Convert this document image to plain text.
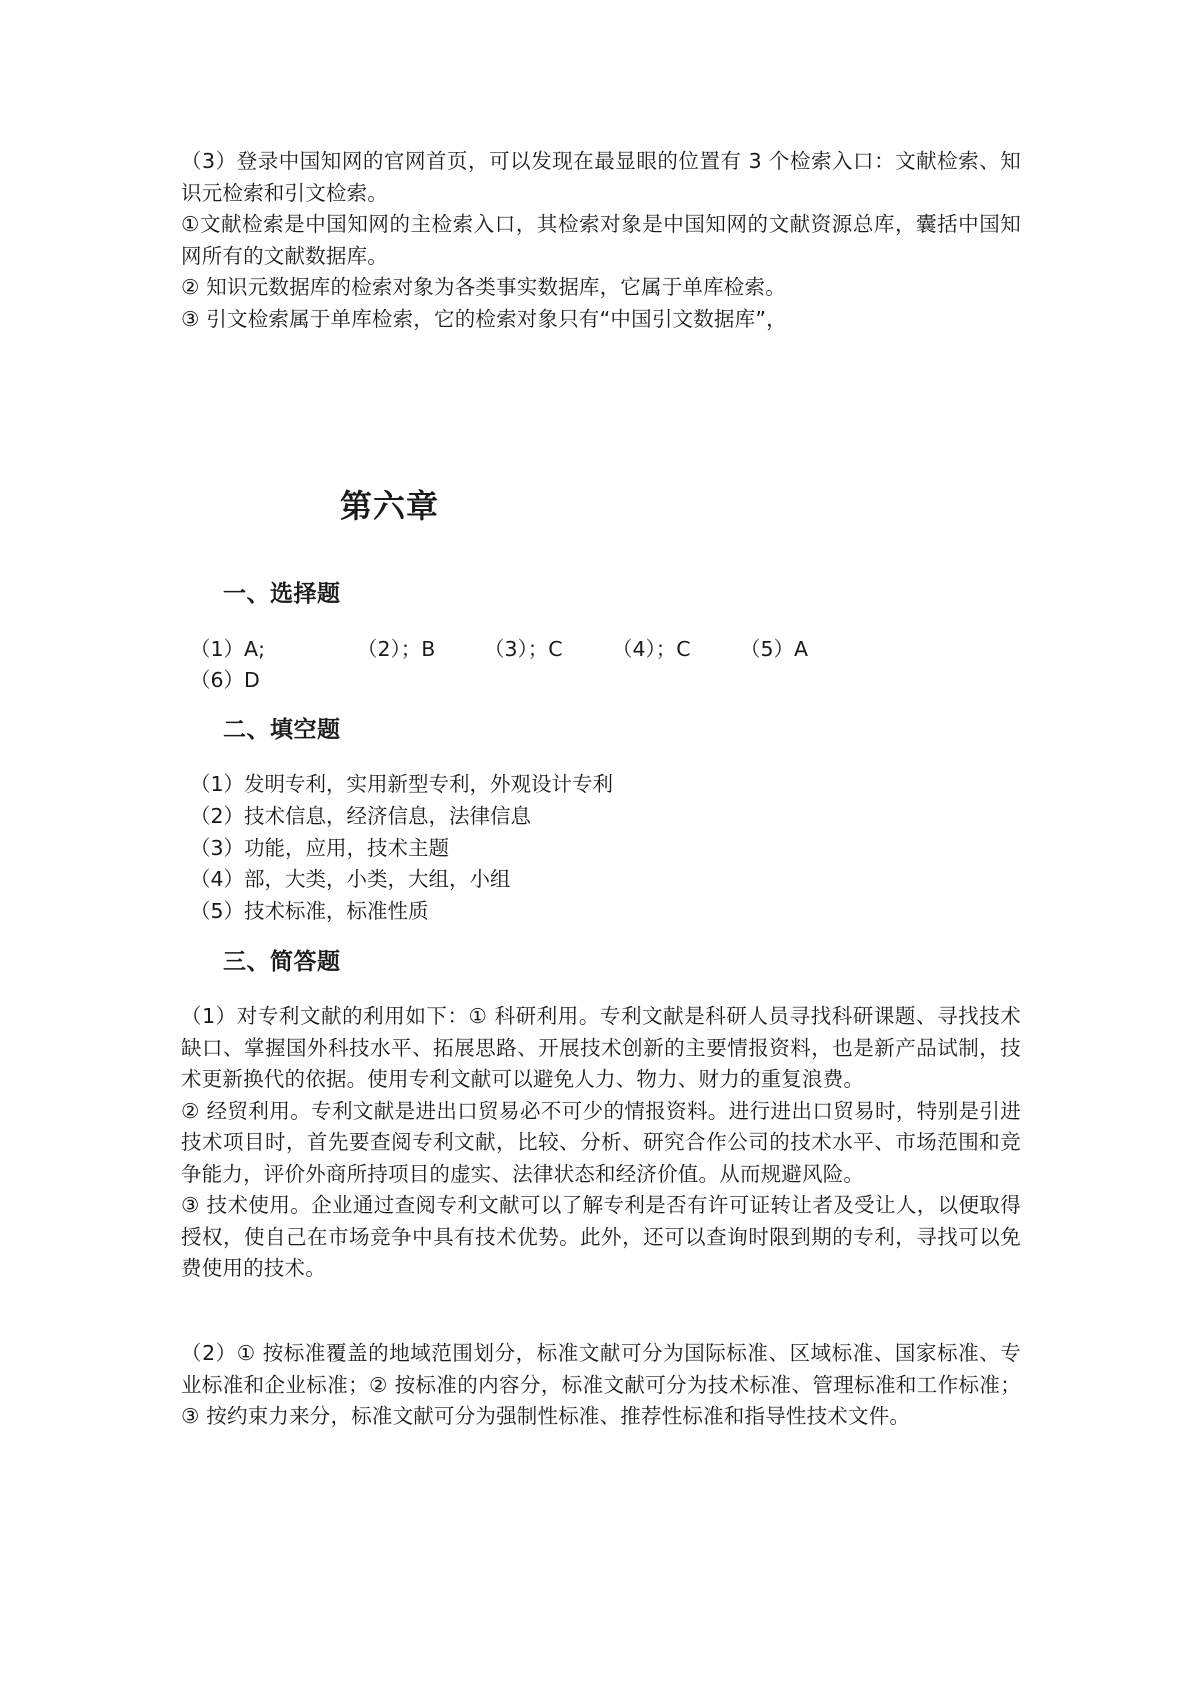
（3）登录中国知网的官网首页，可以发现在最显眼的位置有 3 个检索入口：文献检索、知识元检索和引文检索。

①文献检索是中国知网的主检索入口，其检索对象是中国知网的文献资源总库，囊括中国知网所有的文献数据库。

② 知识元数据库的检索对象为各类事实数据库，它属于单库检索。

③ 引文检索属于单库检索，它的检索对象只有“中国引文数据库”，

第六章
一、选择题
（1）A;	（2）；B （3）；C （4）；C （5）A
（6）D
二、填空题
（1）发明专利，实用新型专利，外观设计专利
（2）技术信息，经济信息，法律信息
（3）功能，应用，技术主题
（4）部，大类，小类，大组，小组
（5）技术标准，标准性质
三、简答题

（1）对专利文献的利用如下：① 科研利用。专利文献是科研人员寻找科研课题、寻找技术缺口、掌握国外科技水平、拓展思路、开展技术创新的主要情报资料，也是新产品试制，技术更新换代的依据。使用专利文献可以避免人力、物力、财力的重复浪费。

② 经贸利用。专利文献是进出口贸易必不可少的情报资料。进行进出口贸易时，特别是引进技术项目时，首先要查阅专利文献，比较、分析、研究合作公司的技术水平、市场范围和竞争能力，评价外商所持项目的虚实、法律状态和经济价值。从而规避风险。

③ 技术使用。企业通过查阅专利文献可以了解专利是否有许可证转让者及受让人，以便取得授权，使自己在市场竞争中具有技术优势。此外，还可以查询时限到期的专利，寻找可以免费使用的技术。

（2）① 按标准覆盖的地域范围划分，标准文献可分为国际标准、区域标准、国家标准、专业标准和企业标准；② 按标准的内容分，标准文献可分为技术标准、管理标准和工作标准；③ 按约束力来分，标准文献可分为强制性标准、推荐性标准和指导性技术文件。
